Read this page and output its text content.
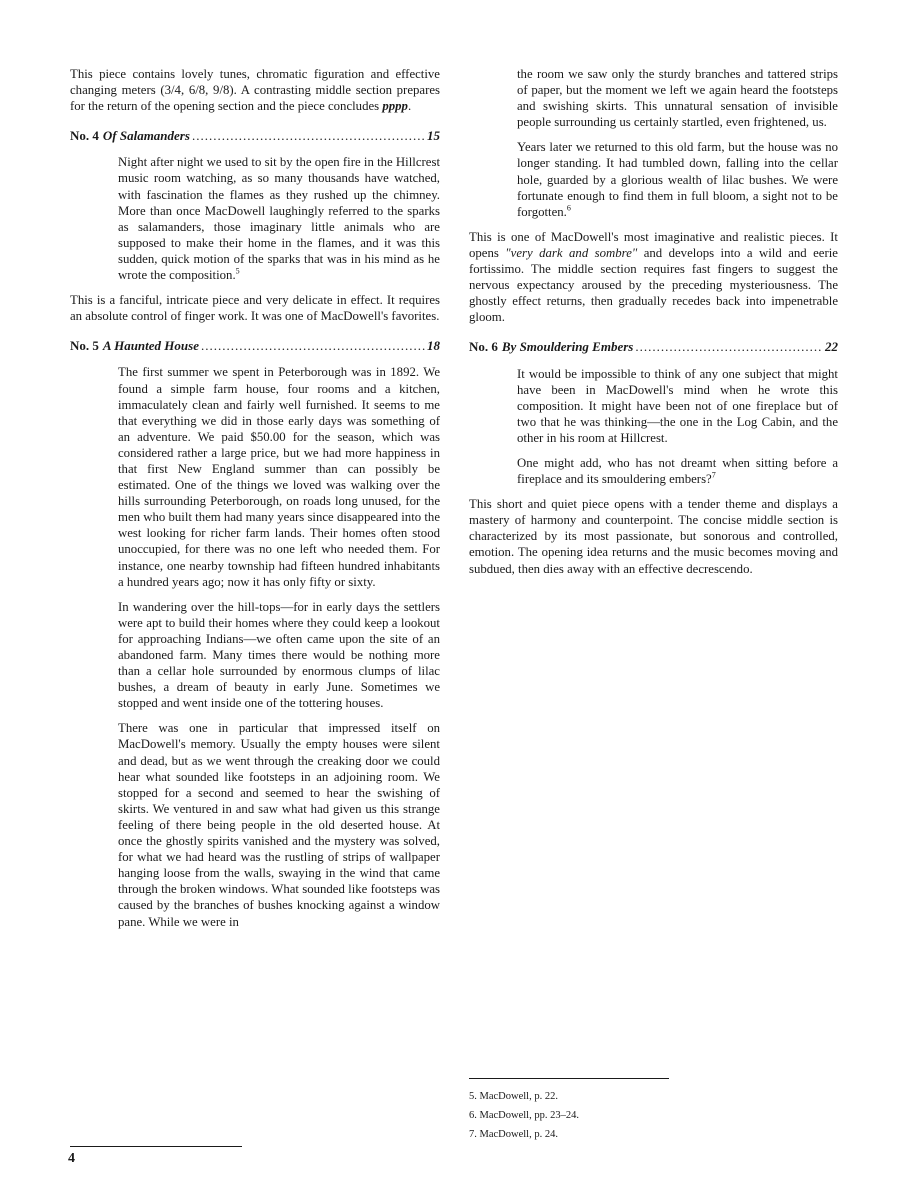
This piece contains lovely tunes, chromatic figuration and effective changing meters (3/4, 6/8, 9/8). A contrasting middle section prepares for the return of the opening section and the piece concludes pppp.

No. 4 Of Salamanders .....	15

Night after night we used to sit by the open fire in the Hillcrest music room watching, as so many thousands have watched, with fascination the flames as they rushed up the chimney. More than once MacDowell laughingly referred to the sparks as salamanders, those imaginary little animals who are supposed to make their home in the flames, and it was this sudden, quick motion of the sparks that was in his mind as he wrote the composition.$^5$

This is a fanciful, intricate piece and very delicate in effect. It requires an absolute control of finger work. It was one of MacDowell's favorites.

No. 5 A Haunted House .....	18

The first summer we spent in Peterborough was in 1892. We found a simple farm house, four rooms and a kitchen, immaculately clean and fairly well furnished. It seems to me that everything we did in those early days was something of an adventure. We paid $50.00 for the season, which was considered rather a large price, but we had more happiness in that first New England summer than can possibly be estimated. One of the things we loved was walking over the hills surrounding Peterborough, on roads long unused, for the men who built them had many years since disappeared into the west looking for richer farm lands. Their homes often stood unoccupied, for there was no one left who needed them. For instance, one nearby township had fifteen hundred inhabitants a hundred years ago; now it has only fifty or sixty.

In wandering over the hill-tops—for in early days the settlers were apt to build their homes where they could keep a lookout for approaching Indians—we often came upon the site of an abandoned farm. Many times there would be nothing more than a cellar hole surrounded by enormous clumps of lilac bushes, a dream of beauty in early June. Sometimes we stopped and went inside one of the tottering houses.

There was one in particular that impressed itself on MacDowell's memory. Usually the empty houses were silent and dead, but as we went through the creaking door we could hear what sounded like footsteps in an adjoining room. We stopped for a second and seemed to hear the swishing of skirts. We ventured in and saw what had given us this strange feeling of there being people in the old deserted house. At once the ghostly spirits vanished and the mystery was solved, for what we had heard was the rustling of strips of wallpaper hanging loose from the walls, swaying in the wind that came through the broken windows. What sounded like footsteps was caused by the branches of bushes knocking against a window pane. While we were in

the room we saw only the sturdy branches and tattered strips of paper, but the moment we left we again heard the footsteps and swishing skirts. This unnatural sensation of invisible people surrounding us certainly startled, even frightened, us.

Years later we returned to this old farm, but the house was no longer standing. It had tumbled down, falling into the cellar hole, guarded by a glorious wealth of lilac bushes. We were fortunate enough to find them in full bloom, a sight not to be forgotten.$^6$

This is one of MacDowell's most imaginative and realistic pieces. It opens "very dark and sombre" and develops into a wild and eerie fortissimo. The middle section requires fast fingers to suggest the nervous expectancy aroused by the preceding mysteriousness. The ghostly effect returns, then gradually recedes back into impenetrable gloom.

No. 6 By Smouldering Embers .....	22

It would be impossible to think of any one subject that might have been in MacDowell's mind when he wrote this composition. It might have been not of one fireplace but of two that he was thinking—the one in the Log Cabin, and the other in his room at Hillcrest.

One might add, who has not dreamt when sitting before a fireplace and its smouldering embers?$^7$

This short and quiet piece opens with a tender theme and displays a mastery of harmony and counterpoint. The concise middle section is characterized by its most passionate, but sonorous and controlled, emotion. The opening idea returns and the music becomes moving and subdued, then dies away with an effective decrescendo.

5. MacDowell, p. 22.
6. MacDowell, pp. 23–24.
7. MacDowell, p. 24.
4
